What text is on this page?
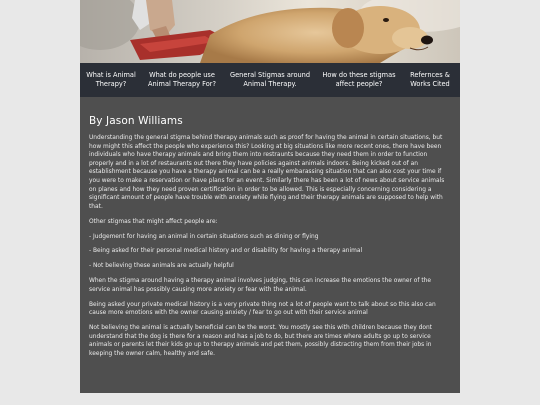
What is Animal
Therapy?
What do people use
Animal Therapy For?
General Stigmas around
Animal Therapy.
How do these stigmas
affect people?
Refernces &
Works Cited
By Jason Williams

Understanding the general stigma behind therapy animals such as proof for having the animal in certain situations, but how might this affect the people who experience this? Looking at big situations like more recent ones, there have been individuals who have therapy animals and bring them into restraunts because they need them in order to function properly and in a lot of restaurants out there they have policies against animals indoors. Being kicked out of an establishment because you have a therapy animal can be a really embarassing situation that can also cost your time if you were to make a reservation or have plans for an event. Similarly there has been a lot of news about service animals on planes and how they need proven certification in order to be allowed. This is especially concerning considering a significant amount of people have trouble with anxiety while flying and their therapy animals are supposed to help with that.

Other stigmas that might affect people are:

- Judgement for having an animal in certain situations such as dining or flying

- Being asked for their personal medical history and or disability for having a therapy animal

- Not believing these animals are actually helpful

When the stigma around having a therapy animal involves judging, this can increase the emotions the owner of the service animal has possibly causing more anxiety or fear with the animal.

Being asked your private medical history is a very private thing not a lot of people want to talk about so this also can cause more emotions with the owner causing anxiety / fear to go out with their service animal

Not believing the animal is actually beneficial can be the worst. You mostly see this with children because they dont understand that the dog is there for a reason and has a job to do, but there are times where adults go up to service animals or parents let their kids go up to therapy animals and pet them, possibly distracting them from their jobs in keeping the owner calm, healthy and safe.
